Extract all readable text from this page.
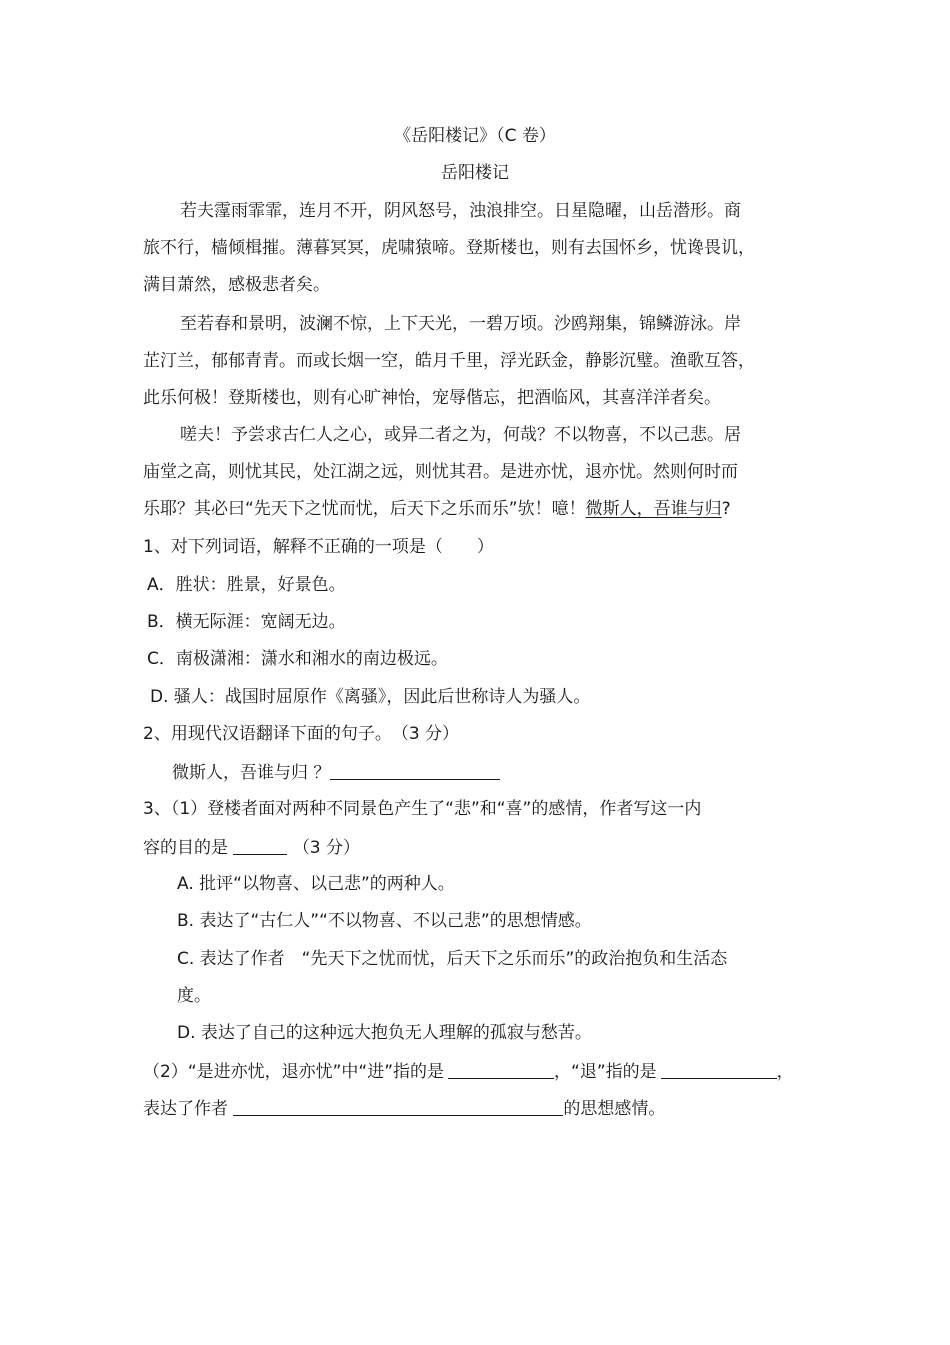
《岳阳楼记》（C 卷）
岳阳楼记
若夫霪雨霏霏，连月不开，阴风怒号，浊浪排空。日星隐曜，山岳潜形。商
旅不行，樯倾楫摧。薄暮冥冥，虎啸猿啼。登斯楼也，则有去国怀乡，忧谗畏讥，
满目萧然，感极悲者矣。
至若春和景明，波澜不惊，上下天光，一碧万顷。沙鸥翔集，锦鳞游泳。岸
芷汀兰，郁郁青青。而或长烟一空，皓月千里，浮光跃金，静影沉璧。渔歌互答，
此乐何极！登斯楼也，则有心旷神怡，宠辱偕忘，把酒临风，其喜洋洋者矣。
嗟夫！予尝求古仁人之心，或异二者之为，何哉？不以物喜，不以己悲。居
庙堂之高，则忧其民，处江湖之远，则忧其君。是进亦忧，退亦忧。然则何时而
乐耶？其必曰“先天下之忧而忧，后天下之乐而乐”欤！噫！微斯人，吾谁与归?
1、对下列词语，解释不正确的一项是（　　）
A．胜状：胜景，好景色。
B．横无际涯：宽阔无边。
C．南极潇湘：潇水和湘水的南边极远。
D. 骚人：战国时屈原作《离骚》，因此后世称诗人为骚人。
2、用现代汉语翻译下面的句子。　（3 分）
微斯人，吾谁与归 ？
3、（1）登楼者面对两种不同景色产生了“悲”和“喜”的感情，作者写这一内
容的目的是	（3 分）
A. 批评“以物喜、以己悲”的两种人。
B. 表达了“古仁人”“不以物喜、不以己悲”的思想情感。
C. 表达了作者　“先天下之忧而忧，后天下之乐而乐”的政治抱负和生活态
度。
D. 表达了自己的这种远大抱负无人理解的孤寂与愁苦。
（2）“是进亦忧，退亦忧”中“进”指的是	，“退”指的是	，
表达了作者	的思想感情。
